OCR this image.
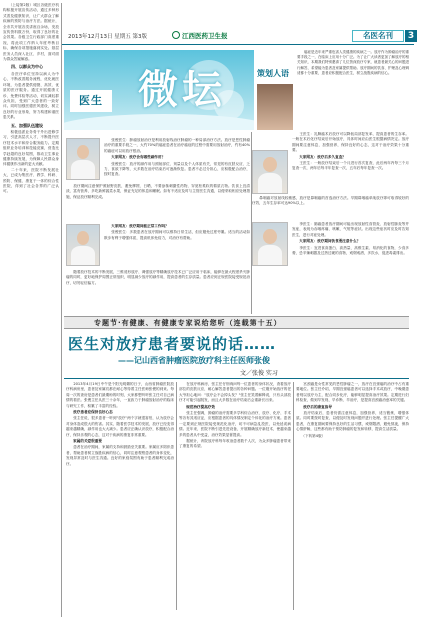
　　（上接第2版）城区各级医疗机构积极开展宣传活动，通过多种形式普及健康知识，让广大群众了解疾病的预防与治疗方法。据统计，全市共开展各类讲座百余场，发放宣传资料数万份，取得了良好的社会效果。各级卫生行政部门高度重视，将此项工作纳入年度考核目标，确保各项措施落到实处。基层医务人员深入社区、乡村，面对面为群众答疑解惑。

　　四、以群众为中心

　　各医疗单位坚持以病人为中心，不断改善服务流程，优化就医环境，为患者提供便捷、高效、优质的医疗服务。通过开展健康义诊、免费体检等活动，切实减轻群众负担，受到广大患者的一致好评。同时加强医德医风建设，树立良好的行业形象，努力构建和谐医患关系。

　　五、加强队伍建设

　　积极选派业务骨干外出进修学习，引进高层次人才，不断提升医疗技术水平和综合服务能力。定期组织业务培训和技能竞赛，营造比学赶超的良好氛围，推动卫生事业健康持续发展，为保障人民群众身体健康作出新的更大贡献。

　　二十年来，医院不断发展壮大，已成为集医疗、教学、科研、预防、保健、康复于一体的综合性医院，得到了社会各界的广泛认可。

2013年12月13日 星期五 第3版	江西医药卫生报	名医名刊	3
医生 微坛	策划人语

　　癌症是近年来严重危害人类健康的疾病之一。放疗作为肿瘤治疗的重要手段之一，在临床上应用十分广泛。为了让广大读者更加了解放疗的相关知识，本期我们特别邀请了几位资深放疗专家，就患者最关心的问题进行解答，希望能为患者及家属提供帮助。放疗期间的饮食、护理及心理调适都十分重要，患者应积极配合医生，树立战胜疾病的信心。

　　张俊医生：肿瘤放射治疗是利用放射线治疗肿瘤的一种局部治疗方法。放疗是恶性肿瘤治疗的重要手段之一，大约70%的癌症患者在治疗癌症的过程中需要用放射治疗，约有40%的癌症可以用放疗根治。

　　大家网友：放疗会有哪些副作用？

　　张俊医生：放疗的副作用与照射部位、剂量以及个人体质有关，常见的有皮肤反应、乏力、食欲下降等，大多数在治疗结束后可逐渐恢复。患者不必过分担心，应积极配合治疗，按时复查。

　　放疗期间注意保护照射野皮肤，避免摩擦、日晒，不要涂抹刺激性药物，穿宽松柔软的棉质衣物。饮食上宜清淡、富有营养，多吃新鲜蔬菜水果，保证充足的休息和睡眠。如有不适应及时与主管医生沟通，以便采取相应处理措施，保证放疗顺利完成。

　　大家网友：放疗期间能正常工作吗？

　　张俊医生：多数患者在放疗期间可以维持日常生活，但应避免过度劳累。适当的活动如散步有利于增强体质，提高机体免疫力，对治疗有帮助。

　　随着放疗技术的不断发展，三维适形放疗、调强放疗等精确放疗技术已广泛应用于临床，能够在最大程度杀灭肿瘤的同时，更好地保护周围正常组织，明显减少放疗的副作用，提高患者的生存质量。患者应到正规医院接受规范治疗，切勿轻信偏方。

　　王医生：乳腺癌术后放疗可以降低局部复发率，提高患者的生存率。一般在术后化疗结束后开始放疗，具体时间应由医生根据病情决定。放疗期间要注意休息，加强营养，保持良好的心态，这对于治疗效果十分重要。

　　大家网友：放疗后多久复查？

　　王医生：一般放疗结束后一个月进行首次复查，此后两年内每三个月复查一次，两年后每半年复查一次，五年后每年复查一次。

　　鼻咽癌对放射线较敏感，放疗是鼻咽癌的首选治疗方法。早期鼻咽癌单纯放疗即可取得较好的疗效，五年生存率可达90%以上。

　　李医生：肺癌患者放疗期间可能出现放射性食管炎、放射性肺炎等并发症，表现为吞咽疼痛、咳嗽、气短等症状。出现这些症状时应及时告知医生，进行对症处理。

　　大家网友：放疗期间饮食要注意什么？

　　李医生：宜进食高蛋白、高热量、高维生素、易消化的食物，少食多餐，忌辛辣刺激及过热过硬的食物，戒烟戒酒，多饮水，促进毒素排出。

专题节·有健康、有健康专家说给您听（连载第十五）
医生对放疗患者要说的话……
——记山西省肿瘤医院放疗科主任医师张俊
文／张俊 实习

　　2013年4月19日中午是个阳光明媚的日子，山西省肿瘤医院放疗科病房里，患者及家属们都在耐心等待着主任医师张俊的到来。每周一次的查房是患者们最期盼的时刻，大家都想听听张主任对自己病情的看法。张俊主任从医三十余年，一直致力于肿瘤放射治疗的临床与研究工作，积累了丰富的经验。

　　放疗患者应保持良好心态

　　张主任说，很多患者一听到"放疗"两个字就很害怕，认为放疗会对身体造成很大的伤害。其实，随着医学技术的发展，放疗已经变得越来越精确，副作用也大大减少。患者应正确认识放疗，积极配合治疗，保持乐观的心态，这对于疾病的康复非常重要。

　　家属的关爱很重要

　　患者在治疗期间，家属的支持和鼓励至关重要。家属应多陪伴患者，帮助患者树立战胜疾病的信心，同时注意观察患者的身体变化，发现异常及时与医生沟通。良好的家庭氛围有助于患者顺利完成治疗。

　　在放疗科病房，张主任仔细询问每一位患者的身体状况，查看放疗部位的皮肤反应，耐心解答患者提出的各种问题。一位刚开始放疗的老大爷担心地问："放疗会不会掉头发？"张主任笑着解释说，只有头部放疗才可能引起脱发，而且大多数在治疗结束后会重新长出来。

　　规范治疗提高疗效

　　张主任强调，肿瘤的治疗需要多学科综合治疗，放疗、化疗、手术等各有其适应证，应根据患者的具体情况制定个体化的治疗方案。患者一定要到正规医院接受规范化治疗，切不可病急乱投医，以免延误病情。近年来，医院不断引进先进设备，开展精确放疗新技术，使越来越多的患者从中受益，治疗效果显著提高。

　　据统计，该院放疗科每年收治患者数千人次，为众多肿瘤患者带来了康复的希望。

　　宫颈癌是女性常见的恶性肿瘤之一，放疗在宫颈癌的治疗中占有重要地位。张主任介绍，早期宫颈癌患者可以选择手术或放疗，中晚期患者则以放疗为主，配合同步化疗，能够明显提高治疗效果。定期进行妇科检查，做到早发现、早诊断、早治疗，是提高宫颈癌治愈率的关键。

　　放疗后的康复指导

　　放疗结束后，患者仍需注意休息，加强营养，适当锻炼，增强体质。同时要按时复查，以便及时发现问题并进行处理。张主任提醒广大患者，在康复期间要保持良好的生活习惯，戒烟限酒，避免熬夜，保持心情舒畅，这些都有助于预防肿瘤的复发和转移，提高生活质量。

　　（下转第4版）
